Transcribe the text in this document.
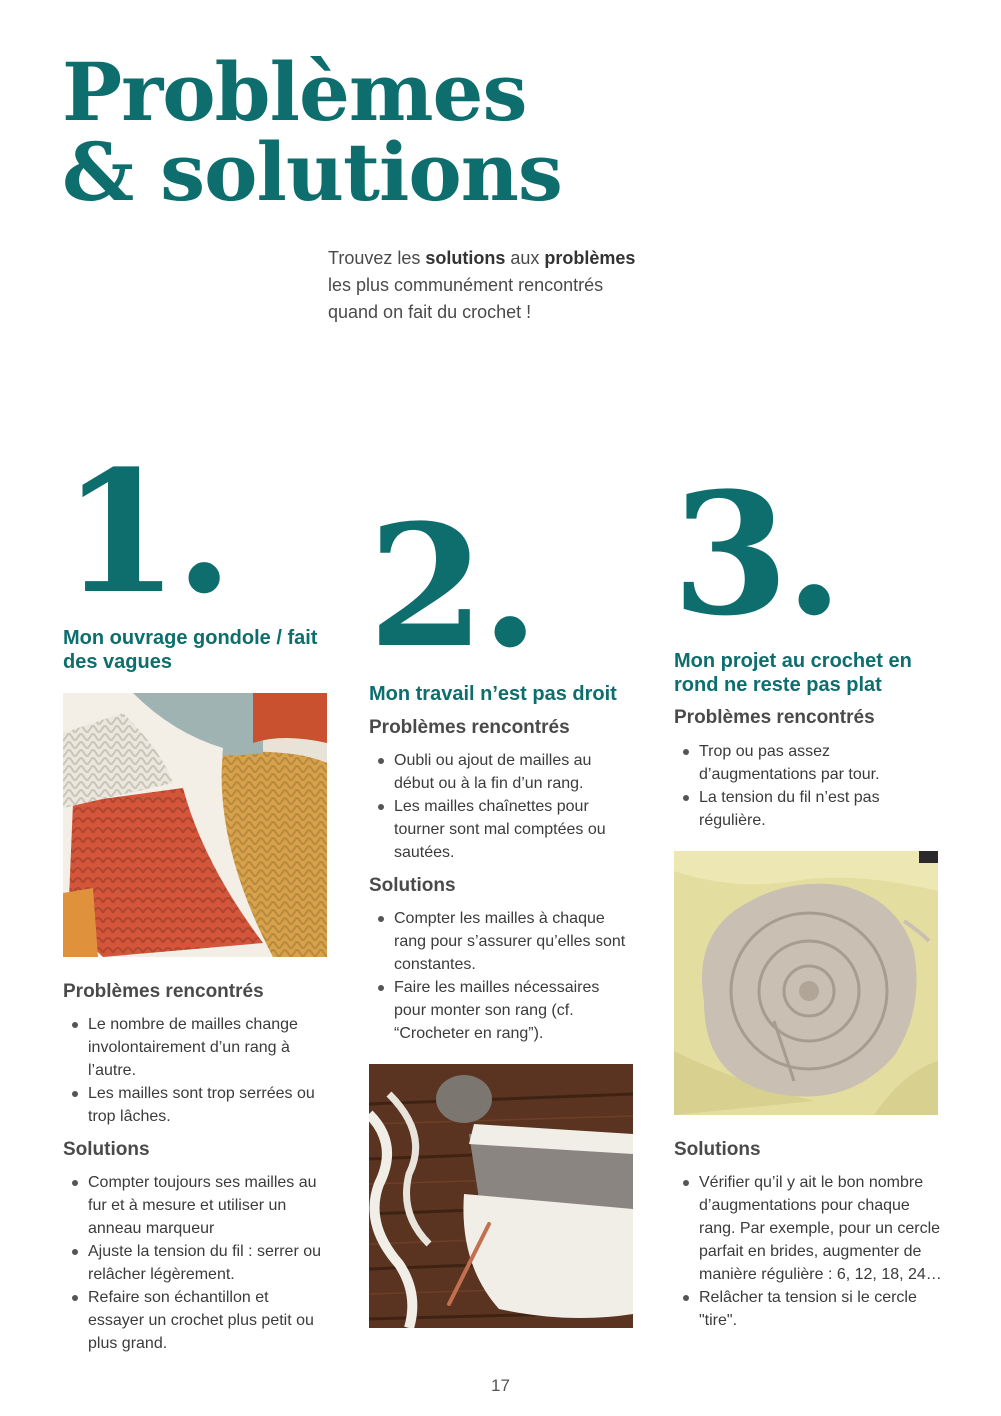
Problèmes
& solutions

Trouvez les solutions aux problèmes les plus communément rencontrés quand on fait du crochet !

1.
Mon ouvrage gondole / fait des vagues
Problèmes rencontrés
Le nombre de mailles change involontairement d’un rang à l’autre.
Les mailles sont trop serrées ou trop lâches.
Solutions
Compter toujours ses mailles au fur et à mesure et utiliser un anneau marqueur
Ajuste la tension du fil : serrer ou relâcher légèrement.
Refaire son échantillon et essayer un crochet plus petit ou plus grand.
2.
Mon travail n’est pas droit
Problèmes rencontrés
Oubli ou ajout de mailles au début ou à la fin d’un rang.
Les mailles chaînettes pour tourner sont mal comptées ou sautées.
Solutions
Compter les mailles à chaque rang pour s’assurer qu’elles sont constantes.
Faire les mailles nécessaires pour monter son rang (cf. “Crocheter en rang”).
3.
Mon projet au crochet en rond ne reste pas plat
Problèmes rencontrés
Trop ou pas assez d’augmentations par tour.
La tension du fil n’est pas régulière.
Solutions
Vérifier qu’il y ait le bon nombre d’augmentations pour chaque rang. Par exemple, pour un cercle parfait en brides, augmenter de manière régulière : 6, 12, 18, 24…
Relâcher ta tension si le cercle "tire".
17
